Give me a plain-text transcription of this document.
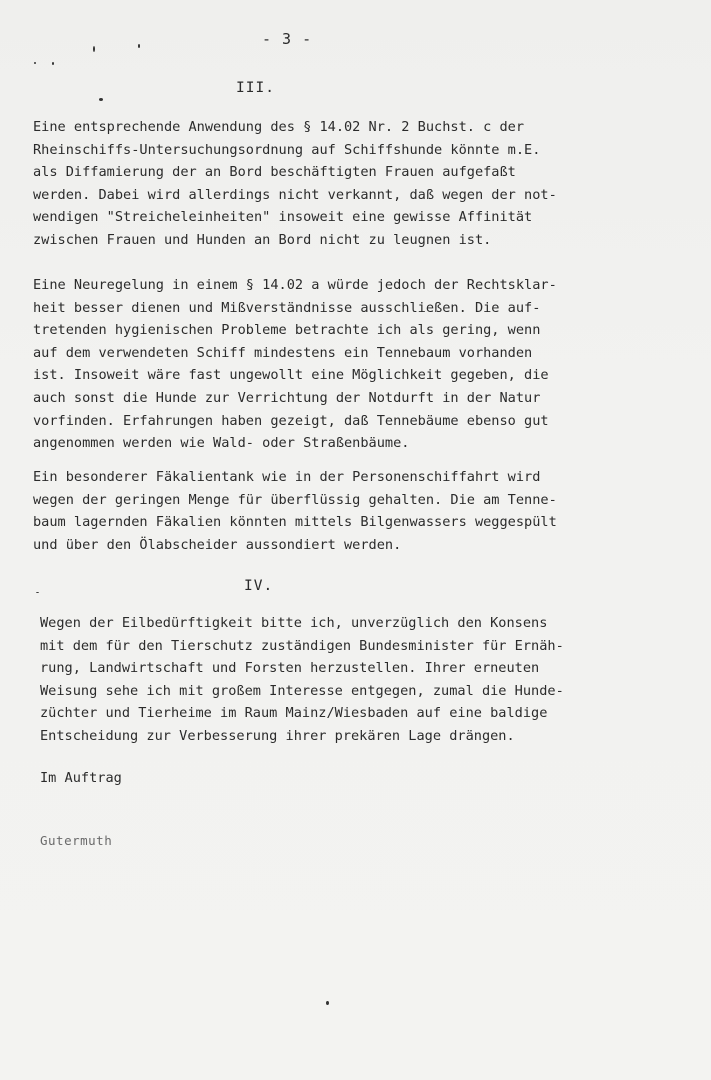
- 3 -
III.

Eine entsprechende Anwendung des § 14.02 Nr. 2 Buchst. c der
Rheinschiffs-Untersuchungsordnung auf Schiffshunde könnte m.E.
als Diffamierung der an Bord beschäftigten Frauen aufgefaßt
werden. Dabei wird allerdings nicht verkannt, daß wegen der not-
wendigen "Streicheleinheiten" insoweit eine gewisse Affinität
zwischen Frauen und Hunden an Bord nicht zu leugnen ist.

Eine Neuregelung in einem § 14.02 a würde jedoch der Rechtsklar-
heit besser dienen und Mißverständnisse ausschließen. Die auf-
tretenden hygienischen Probleme betrachte ich als gering, wenn
auf dem verwendeten Schiff mindestens ein Tennebaum vorhanden
ist. Insoweit wäre fast ungewollt eine Möglichkeit gegeben, die
auch sonst die Hunde zur Verrichtung der Notdurft in der Natur
vorfinden. Erfahrungen haben gezeigt, daß Tennebäume ebenso gut
angenommen werden wie Wald- oder Straßenbäume.

Ein besonderer Fäkalientank wie in der Personenschiffahrt wird
wegen der geringen Menge für überflüssig gehalten. Die am Tenne-
baum lagernden Fäkalien könnten mittels Bilgenwassers weggespült
und über den Ölabscheider aussondiert werden.

IV.

Wegen der Eilbedürftigkeit bitte ich, unverzüglich den Konsens
mit dem für den Tierschutz zuständigen Bundesminister für Ernäh-
rung, Landwirtschaft und Forsten herzustellen. Ihrer erneuten
Weisung sehe ich mit großem Interesse entgegen, zumal die Hunde-
züchter und Tierheime im Raum Mainz/Wiesbaden auf eine baldige
Entscheidung zur Verbesserung ihrer prekären Lage drängen.

Im Auftrag
Gutermuth
